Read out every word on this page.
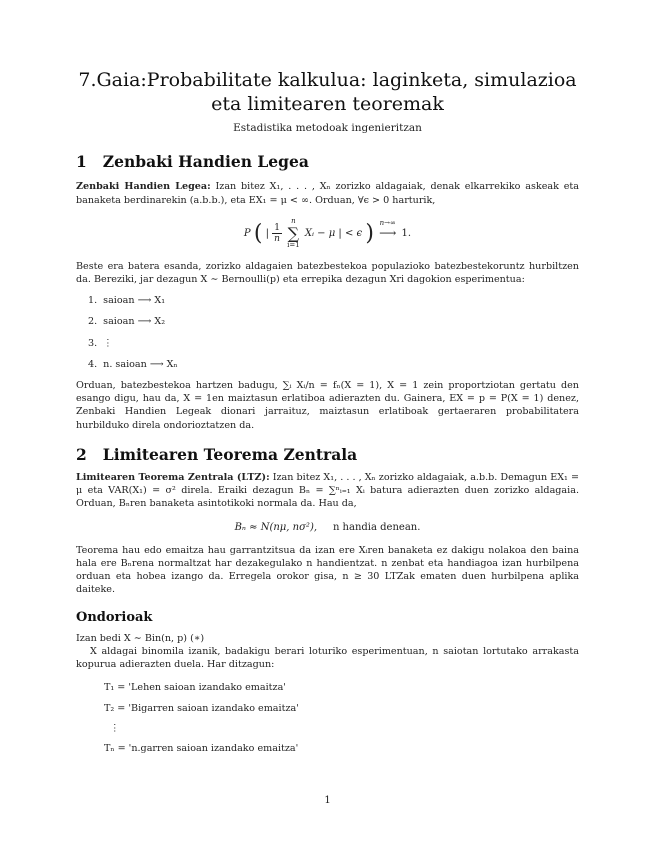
7.Gaia:Probabilitate kalkulua: laginketa, simulazioa eta limitearen teoremak
Estadistika metodoak ingenieritzan
1 Zenbaki Handien Legea

Zenbaki Handien Legea: Izan bitez X₁, . . . , Xₙ zorizko aldagaiak, denak elkarrekiko askeak eta banaketa berdinarekin (a.b.b.), eta EX₁ = μ < ∞. Orduan, ∀ϵ > 0 harturik,

P ( | $\frac{1}{n}$

n
∑
i=1
Xᵢ − μ | < ϵ ) n→∞
⟶
1.

Beste era batera esanda, zorizko aldagaien batezbestekoa populazioko batezbestekoruntz hurbiltzen da. Bereziki, jar dezagun X ∼ Bernoulli(p) eta errepika dezagun Xri dagokion esperimentua:

1. saioan ⟶ X₁
2. saioan ⟶ X₂
3. ⋮
4. n. saioan ⟶ Xₙ

Orduan, batezbestekoa hartzen badugu, ∑ᵢ Xᵢ/n = fₙ(X = 1), X = 1 zein proportziotan gertatu den esango digu, hau da, X = 1en maiztasun erlatiboa adierazten du. Gainera, EX = p = P(X = 1) denez, Zenbaki Handien Legeak dionari jarraituz, maiztasun erlatiboak gertaeraren probabilitatera hurbilduko direla ondorioztatzen da.

2 Limitearen Teorema Zentrala

Limitearen Teorema Zentrala (LTZ): Izan bitez X₁, . . . , Xₙ zorizko aldagaiak, a.b.b. Demagun EX₁ = μ eta VAR(X₁) = σ² direla. Eraiki dezagun Bₙ = ∑ⁿᵢ₌₁ Xᵢ batura adierazten duen zorizko aldagaia. Orduan, Bₙren banaketa asintotikoki normala da. Hau da,

Bₙ ≈ N(nμ, nσ²), n handia denean.

Teorema hau edo emaitza hau garrantzitsua da izan ere Xᵢren banaketa ez dakigu nolakoa den baina hala ere Bₙrena normaltzat har dezakegulako n handientzat. n zenbat eta handiagoa izan hurbilpena orduan eta hobea izango da. Erregela orokor gisa, n ≥ 30 LTZak ematen duen hurbilpena aplika daiteke.

Ondorioak

Izan bedi X ∼ Bin(n, p) (∗)

X aldagai binomila izanik, badakigu berari loturiko esperimentuan, n saiotan lortutako arrakasta kopurua adierazten duela. Har ditzagun:

T₁ = 'Lehen saioan izandako emaitza'
T₂ = 'Bigarren saioan izandako emaitza'
⋮
Tₙ = 'n.garren saioan izandako emaitza'
1
